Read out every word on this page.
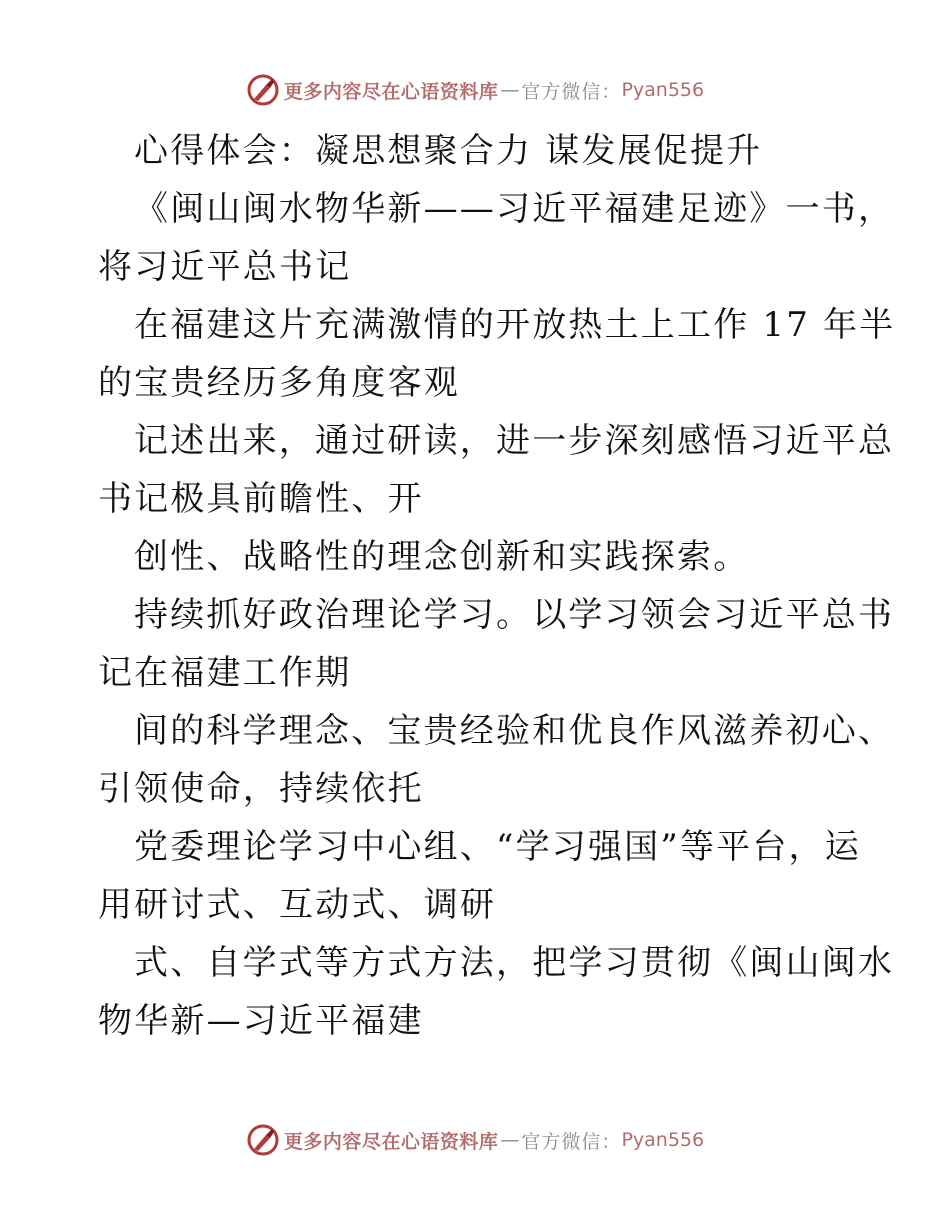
更多内容尽在心语资料库 — 官方微信： Pyan556

心得体会：凝思想聚合力 谋发展促提升

《闽山闽水物华新——习近平福建足迹》一书，

将习近平总书记

在福建这片充满激情的开放热土上工作 17 年半

的宝贵经历多角度客观

记述出来，通过研读，进一步深刻感悟习近平总

书记极具前瞻性、开

创性、战略性的理念创新和实践探索。

持续抓好政治理论学习。以学习领会习近平总书

记在福建工作期

间的科学理念、宝贵经验和优良作风滋养初心、

引领使命，持续依托

党委理论学习中心组、“学习强国”等平台，运

用研讨式、互动式、调研

式、自学式等方式方法，把学习贯彻《闽山闽水

物华新—习近平福建

更多内容尽在心语资料库 — 官方微信： Pyan556
